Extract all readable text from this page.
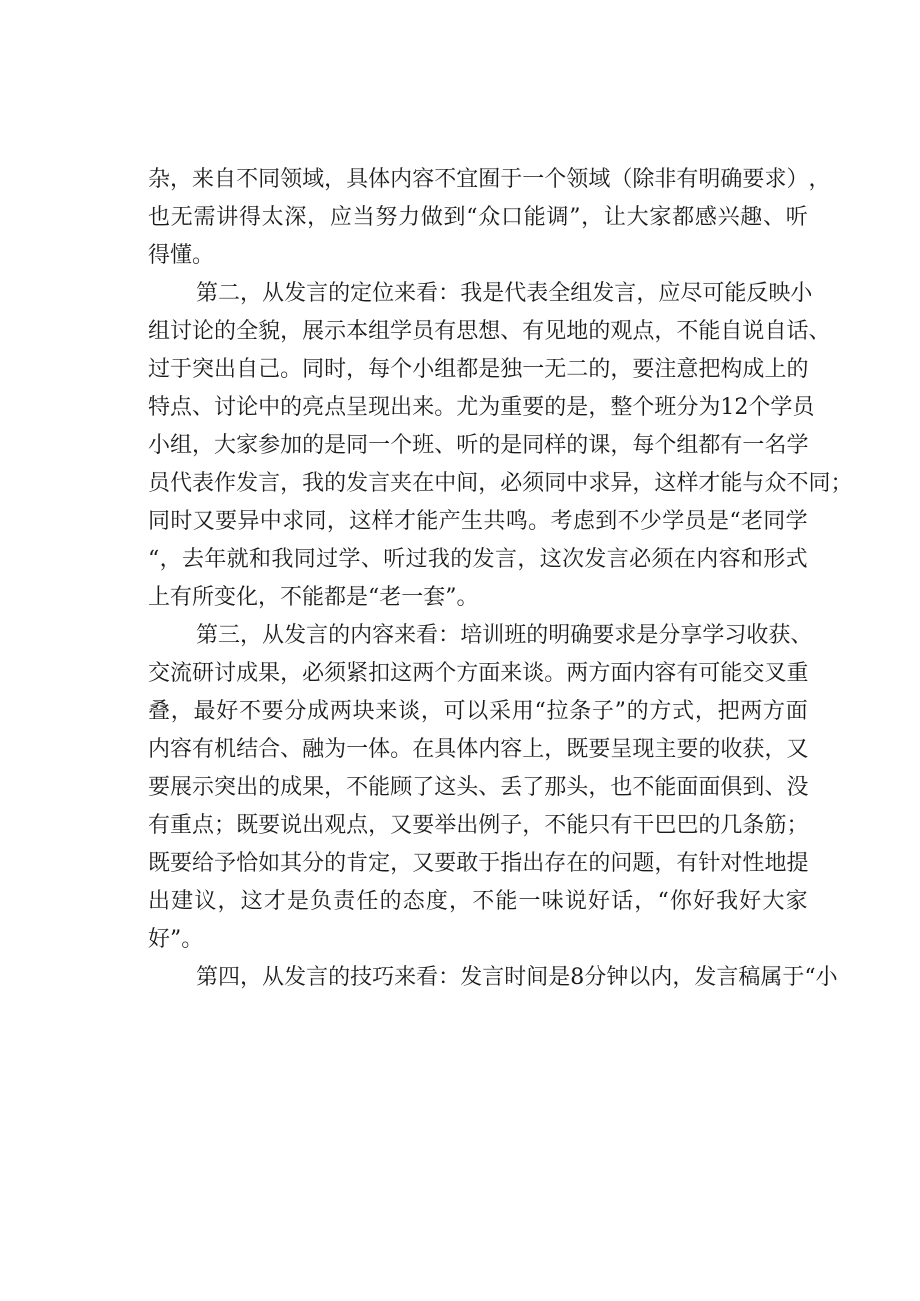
杂 ， 来 自 不 同 领 域 ， 具 体 内 容 不 宜 囿 于 一 个 领 域 （ 除 非 有 明 确 要 求 ） ，
也 无 需 讲 得 太 深 ， 应 当 努 力 做 到 “ 众 口 能 调 ” ， 让 大 家 都 感 兴 趣 、 听
得懂。
第 二 ， 从 发 言 的 定 位 来 看 ： 我 是 代 表 全 组 发 言 ， 应 尽 可 能 反 映 小
组 讨 论 的 全 貌 ， 展 示 本 组 学 员 有 思 想 、 有 见 地 的 观 点 ， 不 能 自 说 自 话 、
过 于 突 出 自 己 。 同 时 ， 每 个 小 组 都 是 独 一 无 二 的 ， 要 注 意 把 构 成 上 的
特 点 、 讨 论 中 的 亮 点 呈 现 出 来 。 尤 为 重 要 的 是 ， 整 个 班 分 为 12 个 学 员
小 组 ， 大 家 参 加 的 是 同 一 个 班 、 听 的 是 同 样 的 课 ， 每 个 组 都 有 一 名 学
员 代 表 作 发 言 ， 我 的 发 言 夹 在 中 间 ， 必 须 同 中 求 异 ， 这 样 才 能 与 众 不 同 ；
同 时 又 要 异 中 求 同 ， 这 样 才 能 产 生 共 鸣 。 考 虑 到 不 少 学 员 是 “ 老 同 学
“ ， 去 年 就 和 我 同 过 学 、 听 过 我 的 发 言 ， 这 次 发 言 必 须 在 内 容 和 形 式
上有所变化，不能都是“老一套”。
第 三 ， 从 发 言 的 内 容 来 看 ： 培 训 班 的 明 确 要 求 是 分 享 学 习 收 获 、
交 流 研 讨 成 果 ， 必 须 紧 扣 这 两 个 方 面 来 谈 。 两 方 面 内 容 有 可 能 交 叉 重
叠 ， 最 好 不 要 分 成 两 块 来 谈 ， 可 以 采 用 “ 拉 条 子 ” 的 方 式 ， 把 两 方 面
内 容 有 机 结 合 、 融 为 一 体 。 在 具 体 内 容 上 ， 既 要 呈 现 主 要 的 收 获 ， 又
要 展 示 突 出 的 成 果 ， 不 能 顾 了 这 头 、 丢 了 那 头 ， 也 不 能 面 面 俱 到 、 没
有 重 点 ； 既 要 说 出 观 点 ， 又 要 举 出 例 子 ， 不 能 只 有 干 巴 巴 的 几 条 筋 ；
既 要 给 予 恰 如 其 分 的 肯 定 ， 又 要 敢 于 指 出 存 在 的 问 题 ， 有 针 对 性 地 提
出 建 议 ， 这 才 是 负 责 任 的 态 度 ， 不 能 一 味 说 好 话 ， “ 你 好 我 好 大 家
好”。
第 四 ， 从 发 言 的 技 巧 来 看 ： 发 言 时 间 是 8 分 钟 以 内 ， 发 言 稿 属 于 “ 小
